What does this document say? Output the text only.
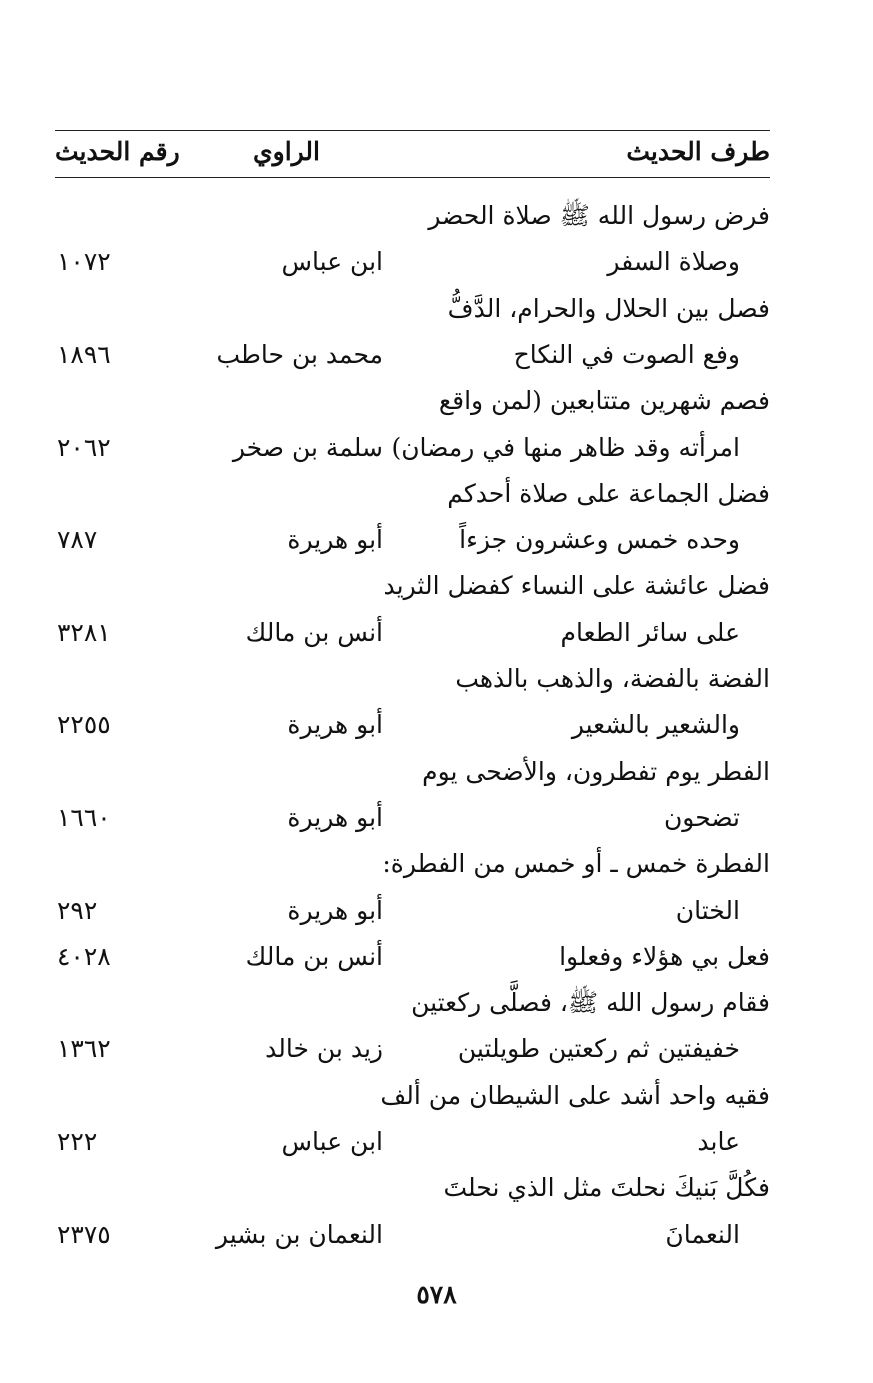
طرف الحديث
الراوي
رقم الحديث
فرض رسول الله ﷺ صلاة الحضر
وصلاة السفر
ابن عباس
١٠٧٢
فصل بين الحلال والحرام، الدَّفُّ
وفع الصوت في النكاح
محمد بن حاطب
١٨٩٦
فصم شهرين متتابعين (لمن واقع
امرأته وقد ظاهر منها في رمضان)
سلمة بن صخر
٢٠٦٢
فضل الجماعة على صلاة أحدكم
وحده خمس وعشرون جزءاً
أبو هريرة
٧٨٧
فضل عائشة على النساء كفضل الثريد
على سائر الطعام
أنس بن مالك
٣٢٨١
الفضة بالفضة، والذهب بالذهب
والشعير بالشعير
أبو هريرة
٢٢٥٥
الفطر يوم تفطرون، والأضحى يوم
تضحون
أبو هريرة
١٦٦٠
الفطرة خمس ـ أو خمس من الفطرة:
الختان
أبو هريرة
٢٩٢
فعل بي هؤلاء وفعلوا
أنس بن مالك
٤٠٢٨
فقام رسول الله ﷺ، فصلَّى ركعتين
خفيفتين ثم ركعتين طويلتين
زيد بن خالد
١٣٦٢
فقيه واحد أشد على الشيطان من ألف
عابد
ابن عباس
٢٢٢
فكُلَّ بَنيكَ نحلتَ مثل الذي نحلتَ
النعمانَ
النعمان بن بشير
٢٣٧٥
٥٧٨
